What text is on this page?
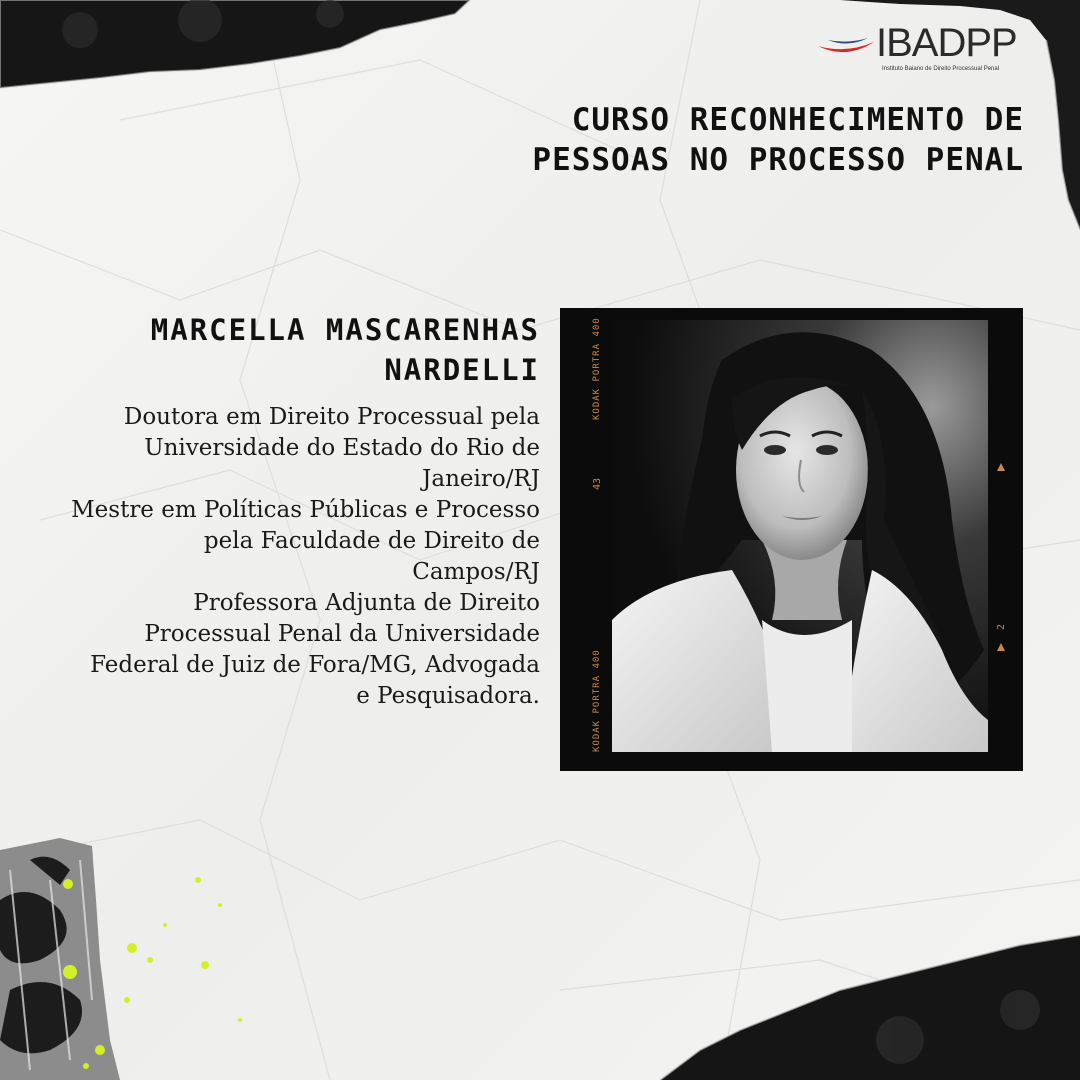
IBADPP
Instituto Baiano de Direito Processual Penal
CURSO RECONHECIMENTO DE
PESSOAS NO PROCESSO PENAL
MARCELLA MASCARENHAS
NARDELLI
Doutora em Direito Processual pela
Universidade do Estado do Rio de
Janeiro/RJ
Mestre em Políticas Públicas e Processo
pela Faculdade de Direito de
Campos/RJ
Professora Adjunta de Direito
Processual Penal da Universidade
Federal de Juiz de Fora/MG, Advogada
e Pesquisadora.
KODAK PORTRA 400
43
KODAK PORTRA 400
2
